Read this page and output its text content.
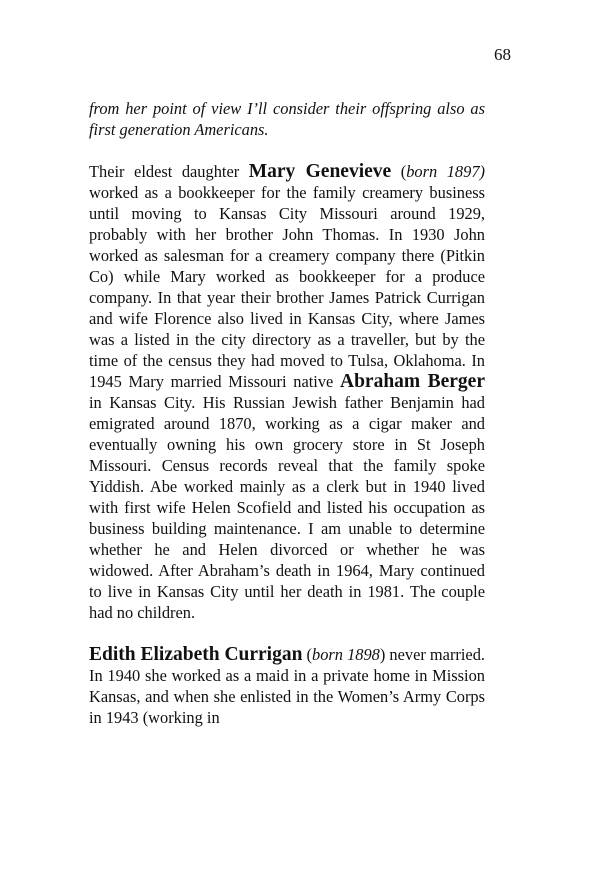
68

from her point of view I’ll consider their offspring also as first generation Americans.

Their eldest daughter Mary Genevieve (born 1897) worked as a bookkeeper for the family creamery business until moving to Kansas City Missouri around 1929, probably with her brother John Thomas. In 1930 John worked as salesman for a creamery company there (Pitkin Co) while Mary worked as bookkeeper for a produce company. In that year their brother James Patrick Currigan and wife Florence also lived in Kansas City, where James was a listed in the city directory as a traveller, but by the time of the census they had moved to Tulsa, Oklahoma. In 1945 Mary married Missouri native Abraham Berger in Kansas City. His Russian Jewish father Benjamin had emigrated around 1870, working as a cigar maker and eventually owning his own grocery store in St Joseph Missouri. Census records reveal that the family spoke Yiddish. Abe worked mainly as a clerk but in 1940 lived with first wife Helen Scofield and listed his occupation as business building maintenance. I am unable to determine whether he and Helen divorced or whether he was widowed. After Abraham’s death in 1964, Mary continued to live in Kansas City until her death in 1981. The couple had no children.

Edith Elizabeth Currigan (born 1898) never married. In 1940 she worked as a maid in a private home in Mission Kansas, and when she enlisted in the Women’s Army Corps in 1943 (working in
